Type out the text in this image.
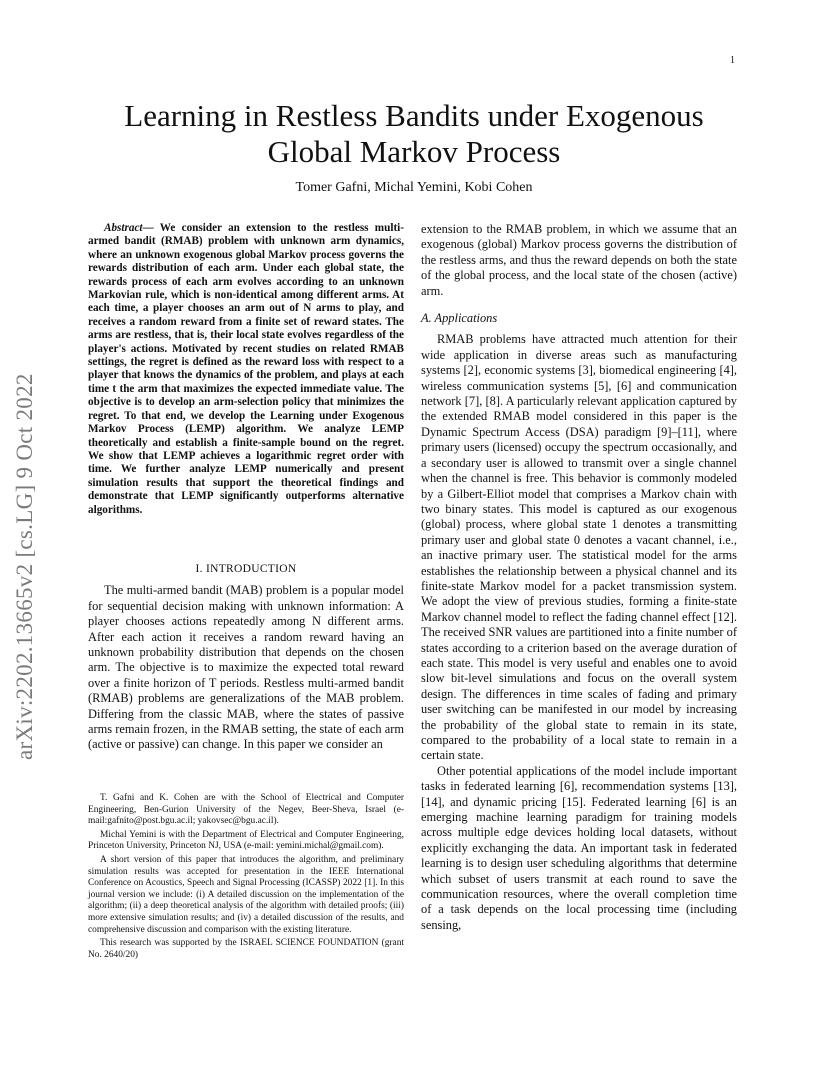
1
arXiv:2202.13665v2 [cs.LG] 9 Oct 2022
Learning in Restless Bandits under Exogenous
Global Markov Process
Tomer Gafni, Michal Yemini, Kobi Cohen

Abstract— We consider an extension to the restless multi-armed bandit (RMAB) problem with unknown arm dynamics, where an unknown exogenous global Markov process governs the rewards distribution of each arm. Under each global state, the rewards process of each arm evolves according to an unknown Markovian rule, which is non-identical among different arms. At each time, a player chooses an arm out of N arms to play, and receives a random reward from a finite set of reward states. The arms are restless, that is, their local state evolves regardless of the player's actions. Motivated by recent studies on related RMAB settings, the regret is defined as the reward loss with respect to a player that knows the dynamics of the problem, and plays at each time t the arm that maximizes the expected immediate value. The objective is to develop an arm-selection policy that minimizes the regret. To that end, we develop the Learning under Exogenous Markov Process (LEMP) algorithm. We analyze LEMP theoretically and establish a finite-sample bound on the regret. We show that LEMP achieves a logarithmic regret order with time. We further analyze LEMP numerically and present simulation results that support the theoretical findings and demonstrate that LEMP significantly outperforms alternative algorithms.

I. INTRODUCTION

The multi-armed bandit (MAB) problem is a popular model for sequential decision making with unknown information: A player chooses actions repeatedly among N different arms. After each action it receives a random reward having an unknown probability distribution that depends on the chosen arm. The objective is to maximize the expected total reward over a finite horizon of T periods. Restless multi-armed bandit (RMAB) problems are generalizations of the MAB problem. Differing from the classic MAB, where the states of passive arms remain frozen, in the RMAB setting, the state of each arm (active or passive) can change. In this paper we consider an

extension to the RMAB problem, in which we assume that an exogenous (global) Markov process governs the distribution of the restless arms, and thus the reward depends on both the state of the global process, and the local state of the chosen (active) arm.

A. Applications

RMAB problems have attracted much attention for their wide application in diverse areas such as manufacturing systems [2], economic systems [3], biomedical engineering [4], wireless communication systems [5], [6] and communication network [7], [8]. A particularly relevant application captured by the extended RMAB model considered in this paper is the Dynamic Spectrum Access (DSA) paradigm [9]–[11], where primary users (licensed) occupy the spectrum occasionally, and a secondary user is allowed to transmit over a single channel when the channel is free. This behavior is commonly modeled by a Gilbert-Elliot model that comprises a Markov chain with two binary states. This model is captured as our exogenous (global) process, where global state 1 denotes a transmitting primary user and global state 0 denotes a vacant channel, i.e., an inactive primary user. The statistical model for the arms establishes the relationship between a physical channel and its finite-state Markov model for a packet transmission system. We adopt the view of previous studies, forming a finite-state Markov channel model to reflect the fading channel effect [12]. The received SNR values are partitioned into a finite number of states according to a criterion based on the average duration of each state. This model is very useful and enables one to avoid slow bit-level simulations and focus on the overall system design. The differences in time scales of fading and primary user switching can be manifested in our model by increasing the probability of the global state to remain in its state, compared to the probability of a local state to remain in a certain state.

Other potential applications of the model include important tasks in federated learning [6], recommendation systems [13], [14], and dynamic pricing [15]. Federated learning [6] is an emerging machine learning paradigm for training models across multiple edge devices holding local datasets, without explicitly exchanging the data. An important task in federated learning is to design user scheduling algorithms that determine which subset of users transmit at each round to save the communication resources, where the overall completion time of a task depends on the local processing time (including sensing,

T. Gafni and K. Cohen are with the School of Electrical and Computer Engineering, Ben-Gurion University of the Negev, Beer-Sheva, Israel (e-mail:gafnito@post.bgu.ac.il; yakovsec@bgu.ac.il).

Michal Yemini is with the Department of Electrical and Computer Engineering, Princeton University, Princeton NJ, USA (e-mail: yemini.michal@gmail.com).

A short version of this paper that introduces the algorithm, and preliminary simulation results was accepted for presentation in the IEEE International Conference on Acoustics, Speech and Signal Processing (ICASSP) 2022 [1]. In this journal version we include: (i) A detailed discussion on the implementation of the algorithm; (ii) a deep theoretical analysis of the algorithm with detailed proofs; (iii) more extensive simulation results; and (iv) a detailed discussion of the results, and comprehensive discussion and comparison with the existing literature.

This research was supported by the ISRAEL SCIENCE FOUNDATION (grant No. 2640/20)
